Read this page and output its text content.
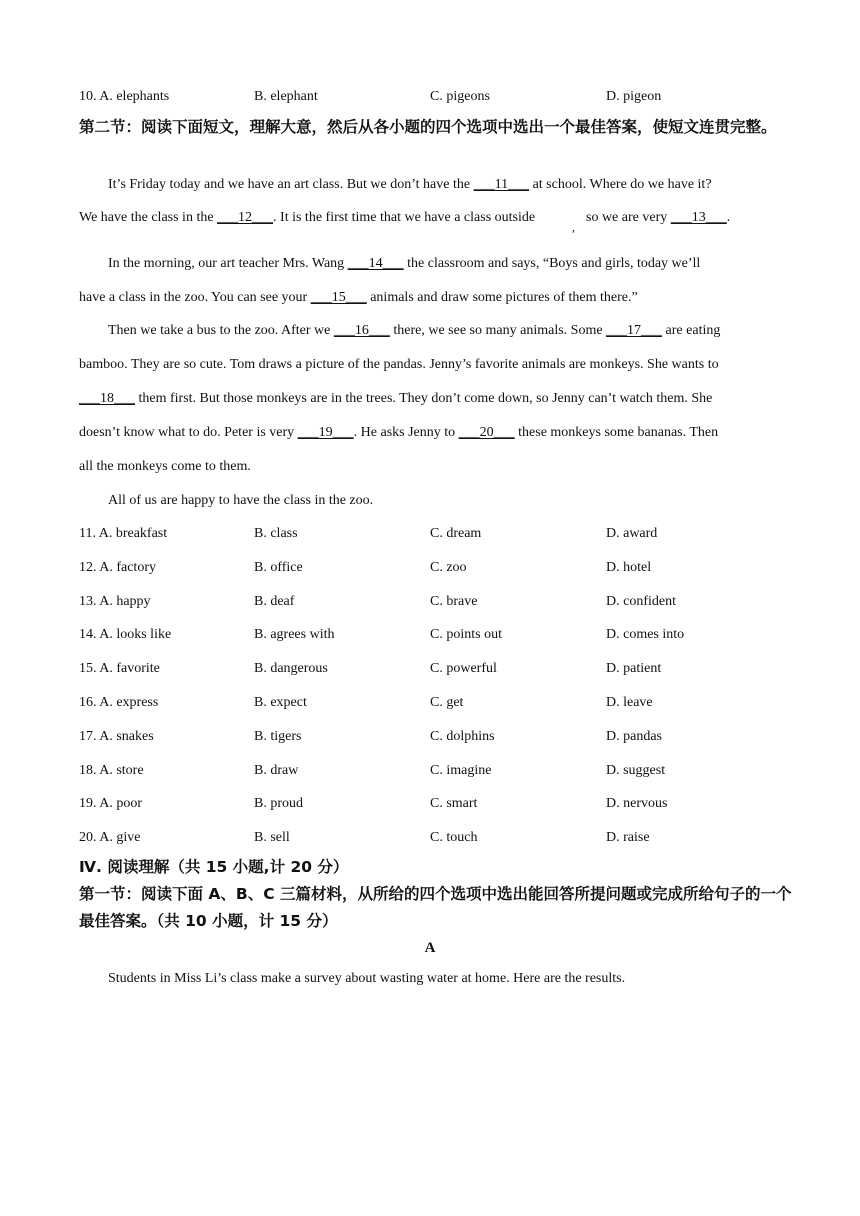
10. A. elephants	B. elephant	C. pigeons	D. pigeon
第二节：阅读下面短文，理解大意，然后从各小题的四个选项中选出一个最佳答案，使短文连贯完整。
It’s Friday today and we have an art class. But we don’t have the ___11___ at school. Where do we have it?
We have the class in the ___12___. It is the first time that we have a class outside
,
so we are very ___13___.
In the morning, our art teacher Mrs. Wang ___14___ the classroom and says, “Boys and girls, today we’ll
have a class in the zoo. You can see your ___15___ animals and draw some pictures of them there.”
Then we take a bus to the zoo. After we ___16___ there, we see so many animals. Some ___17___ are eating
bamboo. They are so cute. Tom draws a picture of the pandas. Jenny’s favorite animals are monkeys. She wants to
___18___ them first. But those monkeys are in the trees. They don’t come down, so Jenny can’t watch them. She
doesn’t know what to do. Peter is very ___19___. He asks Jenny to ___20___ these monkeys some bananas. Then
all the monkeys come to them.
All of us are happy to have the class in the zoo.
11. A. breakfast	B. class	C. dream	D. award
12. A. factory	B. office	C. zoo	D. hotel
13. A. happy	B. deaf	C. brave	D. confident
14. A. looks like	B. agrees with	C. points out	D. comes into
15. A. favorite	B. dangerous	C. powerful	D. patient
16. A. express	B. expect	C. get	D. leave
17. A. snakes	B. tigers	C. dolphins	D. pandas
18. A. store	B. draw	C. imagine	D. suggest
19. A. poor	B. proud	C. smart	D. nervous
20. A. give	B. sell	C. touch	D. raise
Ⅳ. 阅读理解（共 15 小题,计 20 分）
第一节：阅读下面 A、B、C 三篇材料，从所给的四个选项中选出能回答所提问题或完成所给句子的一个最佳答案。（共 10 小题，计 15 分）
A
Students in Miss Li’s class make a survey about wasting water at home. Here are the results.
